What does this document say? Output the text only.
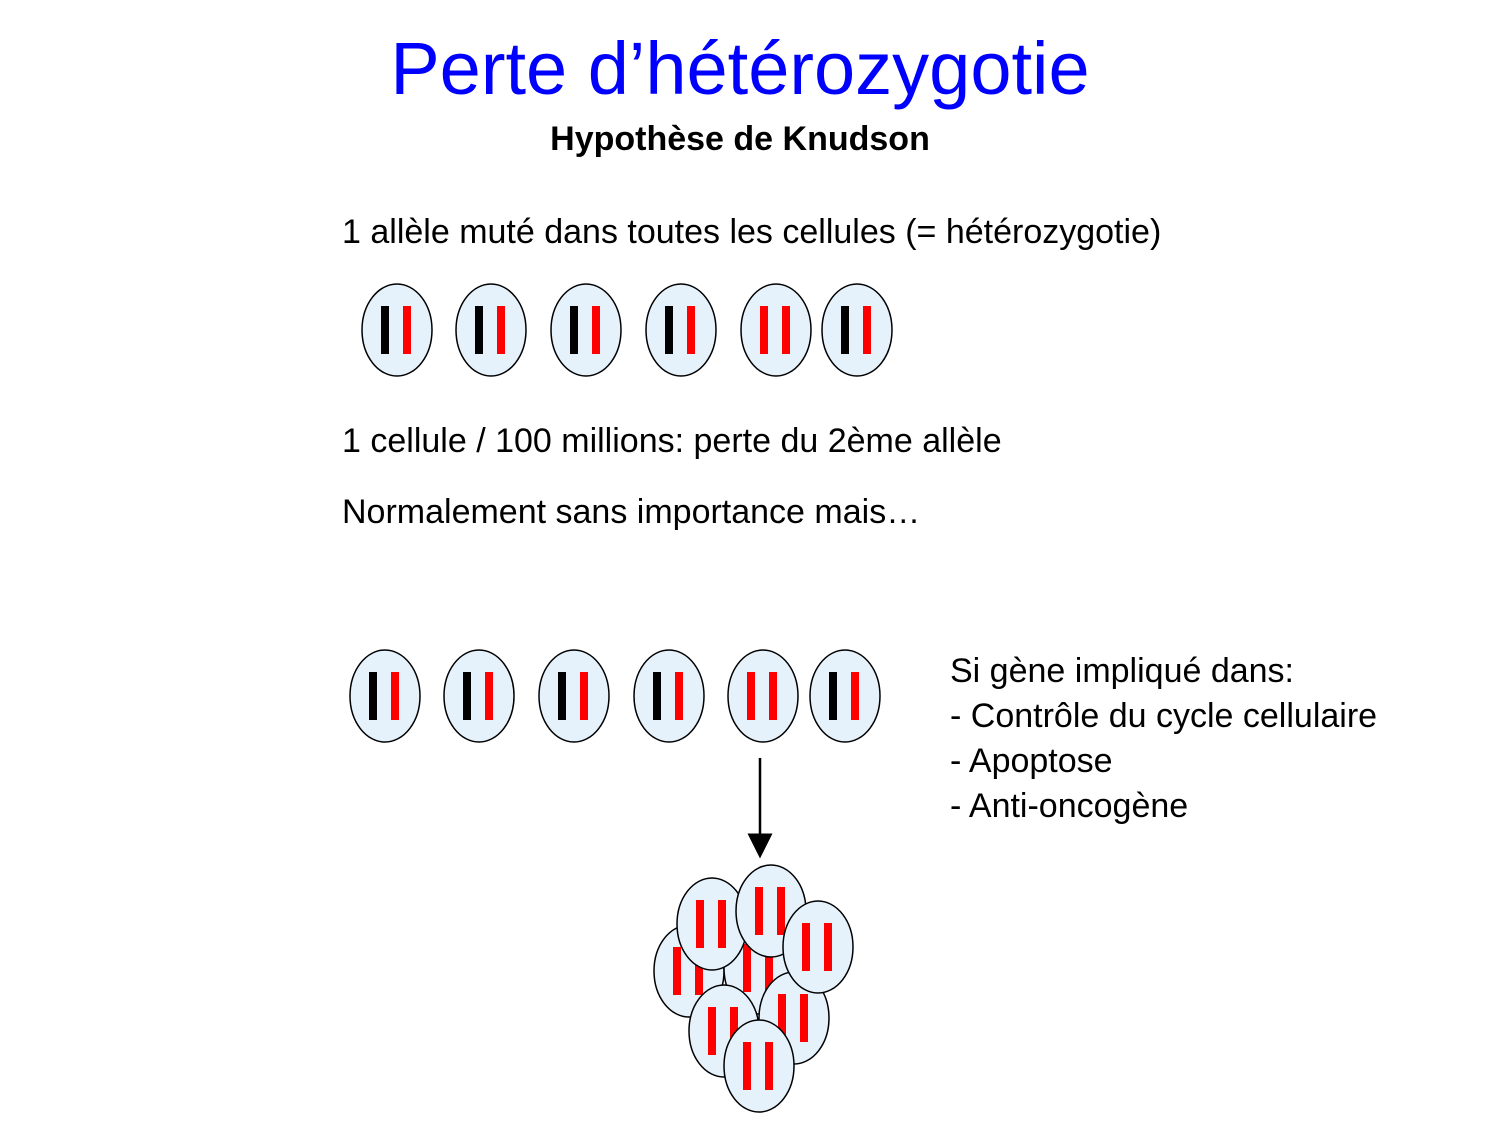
Perte d’hétérozygotie
Hypothèse de Knudson
1 allèle muté dans toutes les cellules (= hétérozygotie)
1 cellule / 100 millions: perte du 2ème allèle
Normalement sans importance mais…
Si gène impliqué dans:
- Contrôle du cycle cellulaire
- Apoptose
- Anti-oncogène
